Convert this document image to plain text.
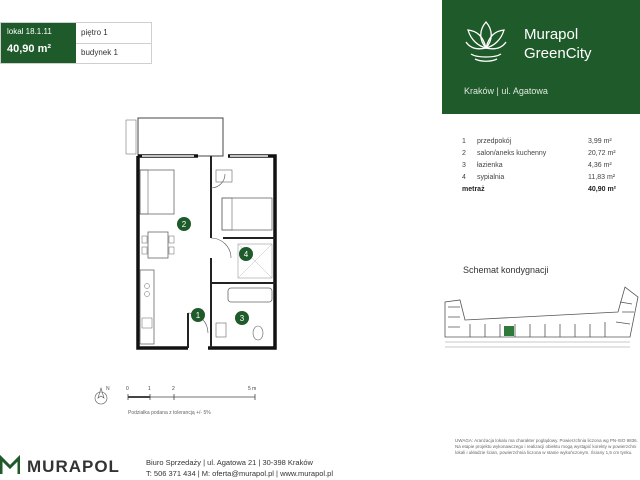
lokal 18.1.11
40,90 m²
piętro 1
budynek 1
Murapol
GreenCity
Kraków | ul. Agatowa
1	przedpokój	3,99 m²
2	salon/aneks kuchenny	20,72 m²
3	łazienka	4,36 m²
4	sypialnia	11,83 m²
metraż	40,90 m²
2
1	3
4
N	0	1	2	5 m
Podziałka podana z tolerancją +/- 5%
Schemat kondygnacji
UWAGA: Aranżacja lokalu ma charakter poglądowy. Powierzchnia liczona wg PN-ISO 9836. Na etapie projektu wykonawczego i realizacji obiektu mogą wystąpić korekty w powierzchni lokali i układzie ścian, powierzchnia liczona w stanie wykończonym. Ściany 1,5 cm tynku.
MURAPOL	Biuro Sprzedaży | ul. Agatowa 21 | 30-398 Kraków
T: 506 371 434 | M: oferta@murapol.pl | www.murapol.pl
